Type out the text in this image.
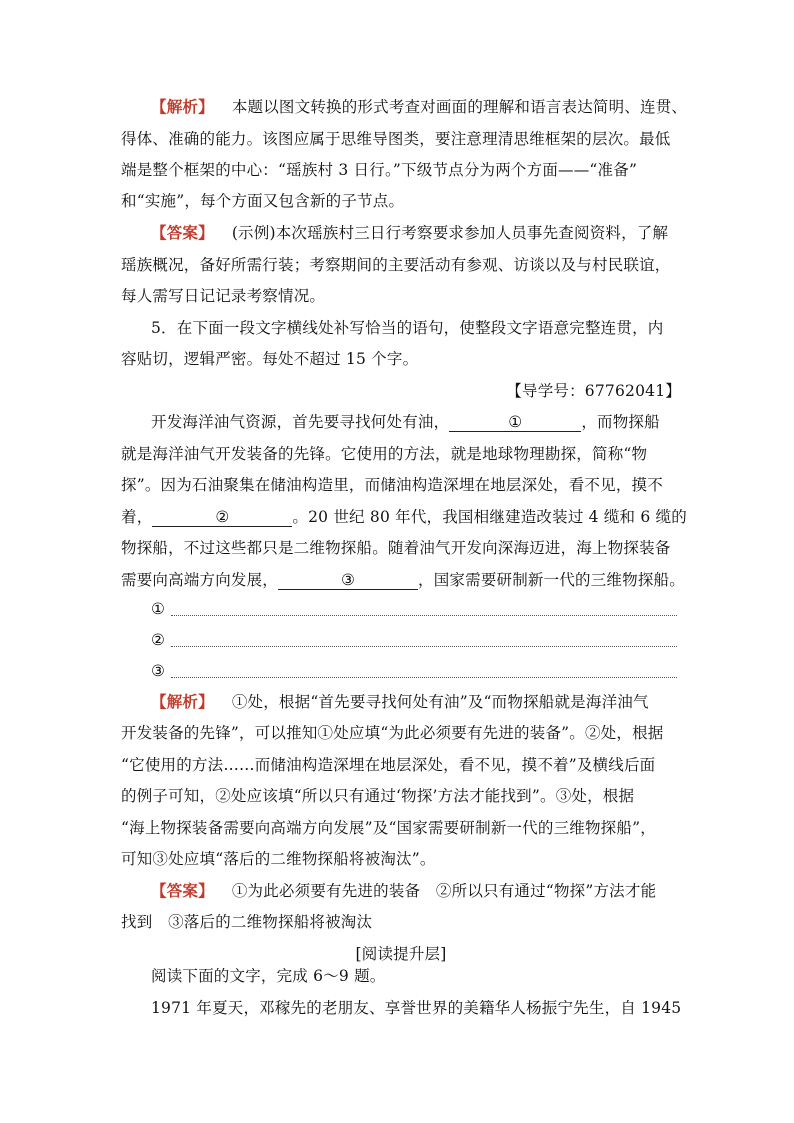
【解析】 本题以图文转换的形式考查对画面的理解和语言表达简明、连贯、
得体、准确的能力。该图应属于思维导图类，要注意理清思维框架的层次。最低
端是整个框架的中心：“瑶族村 3 日行。”下级节点分为两个方面——“准备”
和“实施”，每个方面又包含新的子节点。
【答案】 (示例)本次瑶族村三日行考察要求参加人员事先查阅资料，了解
瑶族概况，备好所需行装；考察期间的主要活动有参观、访谈以及与村民联谊，
每人需写日记记录考察情况。
5．在下面一段文字横线处补写恰当的语句，使整段文字语意完整连贯，内
容贴切，逻辑严密。每处不超过 15 个字。
【导学号：67762041】
开发海洋油气资源，首先要寻找何处有油，	①	，而物探船
就是海洋油气开发装备的先锋。它使用的方法，就是地球物理勘探，简称“物
探”。因为石油聚集在储油构造里，而储油构造深埋在地层深处，看不见，摸不
着，	②	。20 世纪 80 年代，我国相继建造改装过 4 缆和 6 缆的
物探船，不过这些都只是二维物探船。随着油气开发向深海迈进，海上物探装备
需要向高端方向发展，	③	，国家需要研制新一代的三维物探船。
①
②
③
【解析】 ①处，根据“首先要寻找何处有油”及“而物探船就是海洋油气
开发装备的先锋”，可以推知①处应填“为此必须要有先进的装备”。②处，根据
“它使用的方法……而储油构造深埋在地层深处，看不见，摸不着”及横线后面
的例子可知，②处应该填“所以只有通过‘物探’方法才能找到”。③处，根据
“海上物探装备需要向高端方向发展”及“国家需要研制新一代的三维物探船”，
可知③处应填“落后的二维物探船将被淘汰”。
【答案】 ①为此必须要有先进的装备　②所以只有通过“物探”方法才能
找到　③落后的二维物探船将被淘汰
[阅读提升层]
阅读下面的文字，完成 6～9 题。
1971 年夏天，邓稼先的老朋友、享誉世界的美籍华人杨振宁先生，自 1945
